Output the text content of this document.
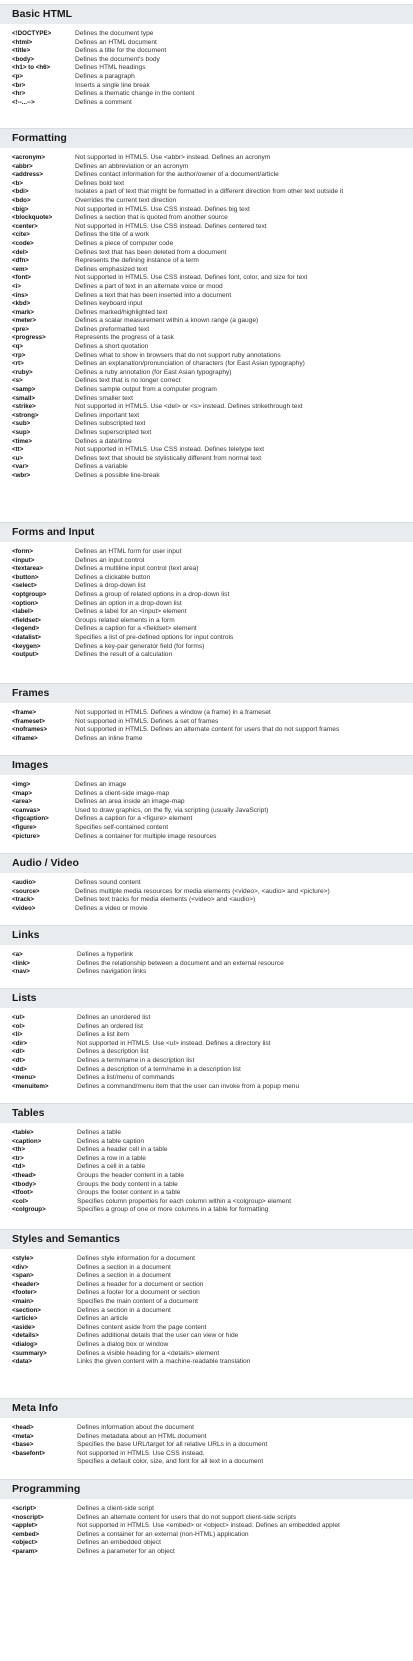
Basic HTML
<!DOCTYPE>	Defines the document type
<html>	Defines an HTML document
<title>	Defines a title for the document
<body>	Defines the document's body
<h1> to <h6>	Defines HTML headings
<p>	Defines a paragraph
<br>	Inserts a single line break
<hr>	Defines a thematic change in the content
<!--...-->	Defines a comment
Formatting
<acronym>	Not supported in HTML5. Use <abbr> instead. Defines an acronym
<abbr>	Defines an abbreviation or an acronym
<address>	Defines contact information for the author/owner of a document/article
<b>	Defines bold text
<bdi>	Isolates a part of text that might be formatted in a different direction from other text outside it
<bdo>	Overrides the current text direction
<big>	Not supported in HTML5. Use CSS instead. Defines big text
<blockquote>	Defines a section that is quoted from another source
<center>	Not supported in HTML5. Use CSS instead. Defines centered text
<cite>	Defines the title of a work
<code>	Defines a piece of computer code
<del>	Defines text that has been deleted from a document
<dfn>	Represents the defining instance of a term
<em>	Defines emphasized text
<font>	Not supported in HTML5. Use CSS instead. Defines font, color, and size for text
<i>	Defines a part of text in an alternate voice or mood
<ins>	Defines a text that has been inserted into a document
<kbd>	Defines keyboard input
<mark>	Defines marked/highlighted text
<meter>	Defines a scalar measurement within a known range (a gauge)
<pre>	Defines preformatted text
<progress>	Represents the progress of a task
<q>	Defines a short quotation
<rp>	Defines what to show in browsers that do not support ruby annotations
<rt>	Defines an explanation/pronunciation of characters (for East Asian typography)
<ruby>	Defines a ruby annotation (for East Asian typography)
<s>	Defines text that is no longer correct
<samp>	Defines sample output from a computer program
<small>	Defines smaller text
<strike>	Not supported in HTML5. Use <del> or <s> instead. Defines strikethrough text
<strong>	Defines important text
<sub>	Defines subscripted text
<sup>	Defines superscripted text
<time>	Defines a date/time
<tt>	Not supported in HTML5. Use CSS instead. Defines teletype text
<u>	Defines text that should be stylistically different from normal text
<var>	Defines a variable
<wbr>	Defines a possible line-break
Forms and Input
<form>	Defines an HTML form for user input
<input>	Defines an input control
<textarea>	Defines a multiline input control (text area)
<button>	Defines a clickable button
<select>	Defines a drop-down list
<optgroup>	Defines a group of related options in a drop-down list
<option>	Defines an option in a drop-down list
<label>	Defines a label for an <input> element
<fieldset>	Groups related elements in a form
<legend>	Defines a caption for a <fieldset> element
<datalist>	Specifies a list of pre-defined options for input controls
<keygen>	Defines a key-pair generator field (for forms)
<output>	Defines the result of a calculation
Frames
<frame>	Not supported in HTML5. Defines a window (a frame) in a frameset
<frameset>	Not supported in HTML5. Defines a set of frames
<noframes>	Not supported in HTML5. Defines an alternate content for users that do not support frames
<iframe>	Defines an inline frame
Images
<img>	Defines an image
<map>	Defines a client-side image-map
<area>	Defines an area inside an image-map
<canvas>	Used to draw graphics, on the fly, via scripting (usually JavaScript)
<figcaption>	Defines a caption for a <figure> element
<figure>	Specifies self-contained content
<picture>	Defines a container for multiple image resources
Audio / Video
<audio>	Defines sound content
<source>	Defines multiple media resources for media elements (<video>, <audio> and <picture>)
<track>	Defines text tracks for media elements (<video> and <audio>)
<video>	Defines a video or movie
Links
<a>	Defines a hyperlink
<link>	Defines the relationship between a document and an external resource
<nav>	Defines navigation links
Lists
<ul>	Defines an unordered list
<ol>	Defines an ordered list
<li>	Defines a list item
<dir>	Not supported in HTML5. Use <ul> instead. Defines a directory list
<dl>	Defines a description list
<dt>	Defines a term/name in a description list
<dd>	Defines a description of a term/name in a description list
<menu>	Defines a list/menu of commands
<menuitem>	Defines a command/menu item that the user can invoke from a popup menu
Tables
<table>	Defines a table
<caption>	Defines a table caption
<th>	Defines a header cell in a table
<tr>	Defines a row in a table
<td>	Defines a cell in a table
<thead>	Groups the header content in a table
<tbody>	Groups the body content in a table
<tfoot>	Groups the footer content in a table
<col>	Specifies column properties for each column within a <colgroup> element
<colgroup>	Specifies a group of one or more columns in a table for formatting
Styles and Semantics
<style>	Defines style information for a document
<div>	Defines a section in a document
<span>	Defines a section in a document
<header>	Defines a header for a document or section
<footer>	Defines a footer for a document or section
<main>	Specifies the main content of a document
<section>	Defines a section in a document
<article>	Defines an article
<aside>	Defines content aside from the page content
<details>	Defines additional details that the user can view or hide
<dialog>	Defines a dialog box or window
<summary>	Defines a visible heading for a <details> element
<data>	Links the given content with a machine-readable translation
Meta Info
<head>	Defines information about the document
<meta>	Defines metadata about an HTML document
<base>	Specifies the base URL/target for all relative URLs in a document
<basefont>	Not supported in HTML5. Use CSS instead.
Specifies a default color, size, and font for all text in a document
Programming
<script>	Defines a client-side script
<noscript>	Defines an alternate content for users that do not support client-side scripts
<applet>	Not supported in HTML5. Use <embed> or <object> instead. Defines an embedded applet
<embed>	Defines a container for an external (non-HTML) application
<object>	Defines an embedded object
<param>	Defines a parameter for an object
